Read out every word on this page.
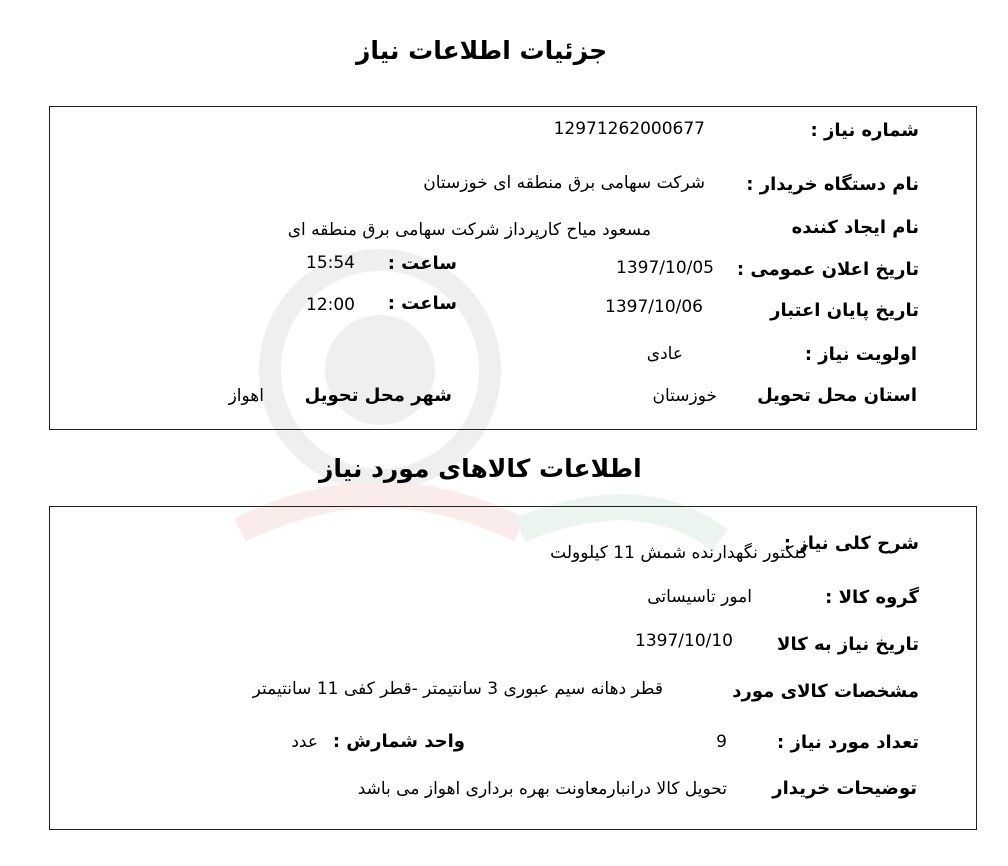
جزئیات اطلاعات نیاز
شماره نیاز :
12971262000677
نام دستگاه خریدار :
شرکت سهامی برق منطقه ای خوزستان
نام ایجاد کننده
مسعود میاح کارپرداز شرکت سهامی برق منطقه ای
تاریخ اعلان عمومی :
1397/10/05
ساعت :
15:54
تاریخ پایان اعتبار
1397/10/06
ساعت :
12:00
اولویت نیاز :
عادی
استان محل تحویل
خوزستان
شهر محل تحویل
اهواز
اطلاعات کالاهای مورد نیاز
شرح کلی نیاز :
کنکتور نگهدارنده شمش 11 کیلوولت
گروه کالا :
امور تاسیساتی
تاریخ نیاز به کالا
1397/10/10
مشخصات کالای مورد
قطر دهانه سیم عبوری 3 سانتیمتر -قطر کفی 11 سانتیمتر
تعداد مورد نیاز :
9
واحد شمارش :
عدد
توضیحات خریدار
تحویل کالا درانبارمعاونت بهره برداری اهواز می باشد
